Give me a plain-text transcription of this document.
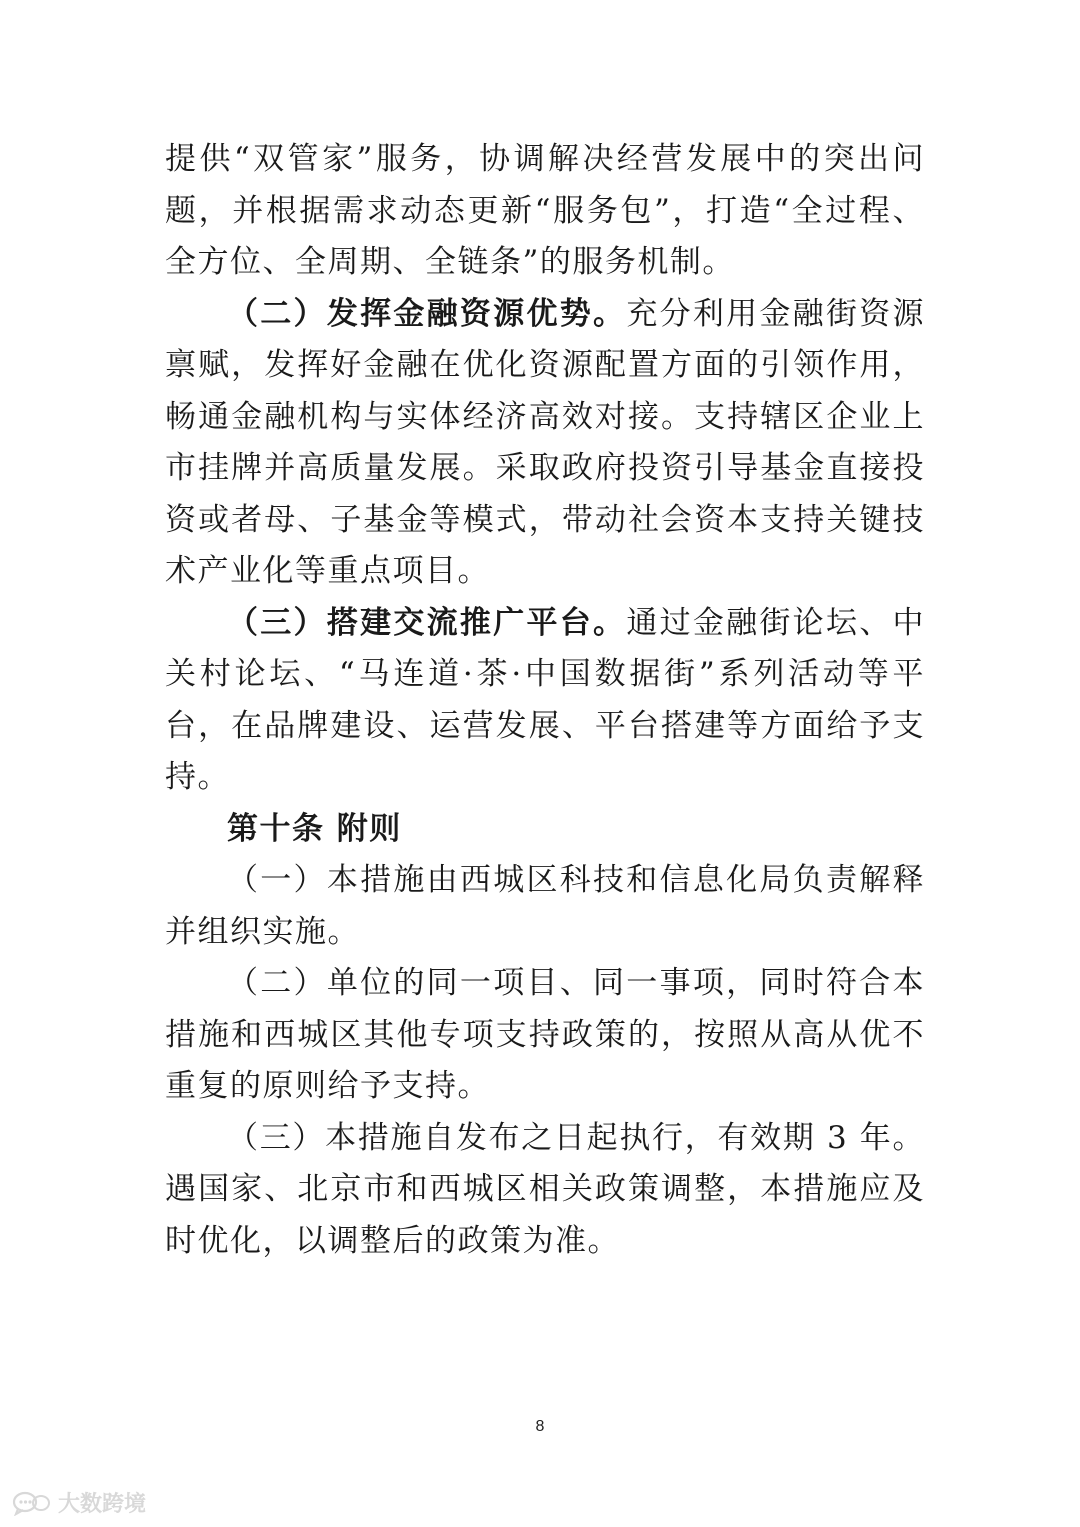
提供“双管家”服务，协调解决经营发展中的突出问题，并根据需求动态更新“服务包”，打造“全过程、全方位、全周期、全链条”的服务机制。

（二）发挥金融资源优势。充分利用金融街资源禀赋，发挥好金融在优化资源配置方面的引领作用，畅通金融机构与实体经济高效对接。支持辖区企业上市挂牌并高质量发展。采取政府投资引导基金直接投资或者母、子基金等模式，带动社会资本支持关键技术产业化等重点项目。

（三）搭建交流推广平台。通过金融街论坛、中关村论坛、“马连道·茶·中国数据街”系列活动等平台，在品牌建设、运营发展、平台搭建等方面给予支持。

第十条 附则

（一）本措施由西城区科技和信息化局负责解释并组织实施。

（二）单位的同一项目、同一事项，同时符合本措施和西城区其他专项支持政策的，按照从高从优不重复的原则给予支持。

（三）本措施自发布之日起执行，有效期 3 年。遇国家、北京市和西城区相关政策调整，本措施应及时优化，以调整后的政策为准。

8
大数跨境
